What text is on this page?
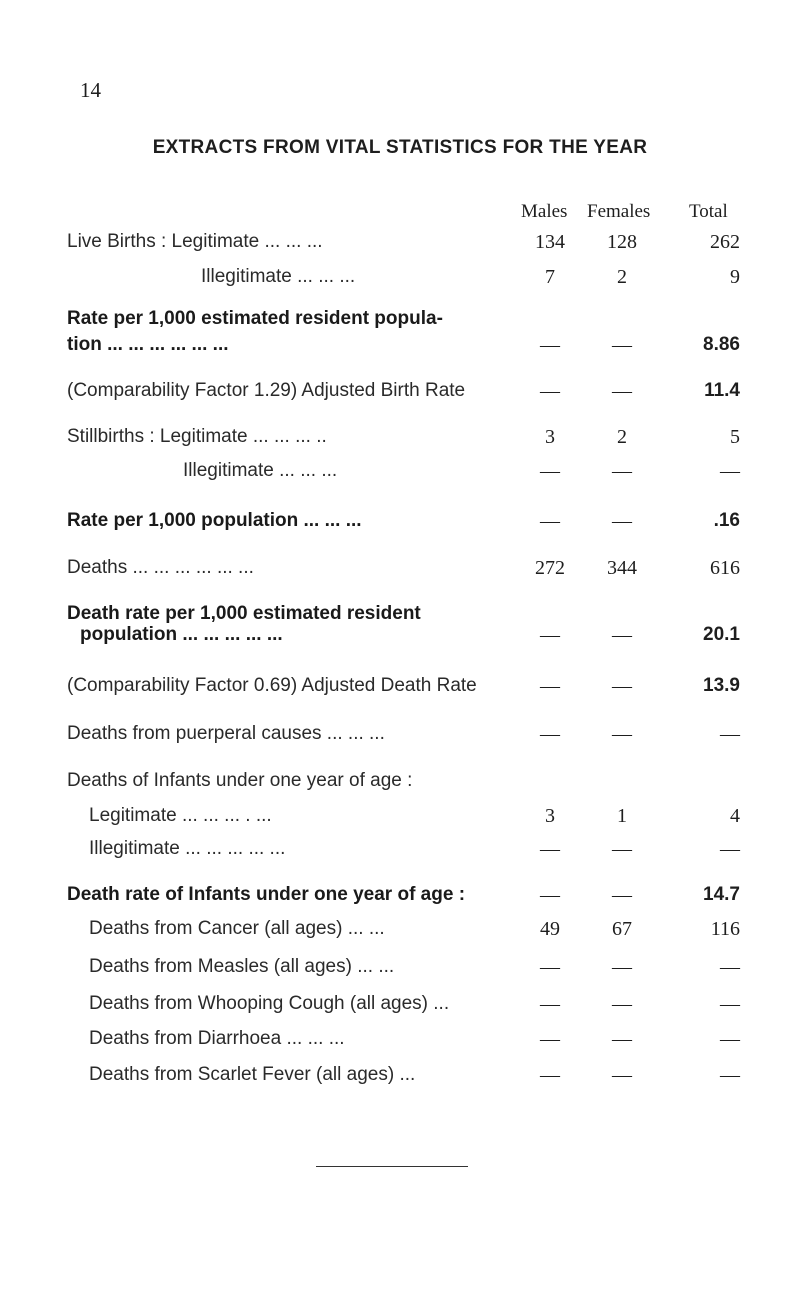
14
EXTRACTS FROM VITAL STATISTICS FOR THE YEAR
Males Females Total
Live Births : Legitimate ... ... ...	134 128	262
Illegitimate ... ... ...	7	2	9
Rate per 1,000 estimated resident popula-
tion ... ... ... ... ... ...	—	—	8.86
(Comparability Factor 1.29) Adjusted Birth Rate	—	—	11.4
Stillbirths : Legitimate ... ... ... ..	3	2	5
Illegitimate ... ... ...	—	—	—
Rate per 1,000 population ... ... ...	—	—	.16
Deaths ... ... ... ... ... ...	272 344	616
Death rate per 1,000 estimated resident
population ... ... ... ... ...	—	—	20.1
(Comparability Factor 0.69) Adjusted Death Rate	—	—	13.9
Deaths from puerperal causes ... ... ...	—	—	—
Deaths of Infants under one year of age :
Legitimate ... ... ... . ...	3	1	4
Illegitimate ... ... ... ... ...	—	—	—
Death rate of Infants under one year of age :	—	—	14.7
Deaths from Cancer (all ages) ... ...	49	67	116
Deaths from Measles (all ages) ... ...	—	—	—
Deaths from Whooping Cough (all ages) ...	—	—	—
Deaths from Diarrhoea ... ... ...	—	—	—
Deaths from Scarlet Fever (all ages) ...	—	—	—
